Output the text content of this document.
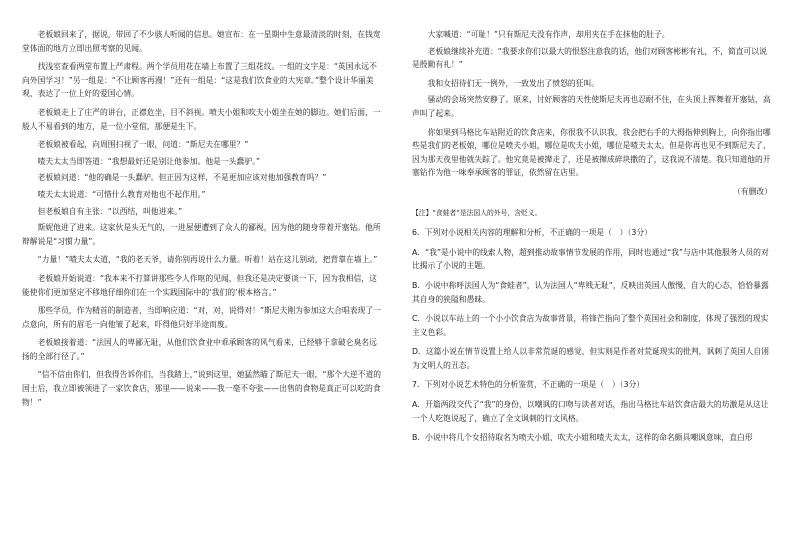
老板娘回来了，据说，带回了不少骇人听闻的信息。她宣布：在一星期中生意最清淡的时刻，在钱宽堂体面的地方立即出照考察的见闻。

找浅室查看两堂布置上严肃程。两个学员用花在墙上布置了三组花纹。一组的文字是：“英国永远不向外国学习！”另一组是：“不让顾客再漫！”还有一组是：“这是我们饮食业的大宪章。”整个设计华丽美观，表达了一位上好的爱国心情。

老板娘走上了庄严的讲台，正襟危坐，目不斜视。喷夫小姐和吹夫小姐坐在她的脚边。她们后面，一般人不易看到的地方，是一位小堂倌，那便是生下。

老板娘被看起，向周围扫视了一眼，问道：“斯尼夫在哪里？”

喳夫太太当即答道：“我想最好还是别让他参加。他是一头蠢驴。”

老板娘问道：“他的确是一头蠢驴。但正因为这样，不是更加应该对他加强教育吗？”

喳夫太太说道：“可惜什么教育对他也不起作用。”

但老板娘自有主张：“以西结，叫他进来。”

斯妮他进了进来。这家伙是头无气的，一进屋便遭到了众人的鄙视，因为他的随身带着开塞钻。他所辩解说是“习惯力量”。

“力量！”喳夫太太道，“我的老天爷，请你别再说什么力量。听着！站在这儿别动，把背靠在墙上。”

老板娘开始说道：“我本来不打算讲那些令人作呕的见闻，但我还是决定要谈一下，因为我相信，这能使你们更加坚定不移地仔细你们在一个实践国际中的‘我们的’根本格言。”

那些学员，作为精首的制造者，当即响应道：“对，对，说得对！”斯尼夫刚为参加这大合唱表现了一点意向，所有的眉毛一向他皱了起来，吓得他只好半途而废。

老板娘接着道：“法国人的卑鄙无耻，从他们饮食业中乖承顾客的风气看来，已经够于拿破仑臭名远扬的全部行径了。”

“信不信由你们，但我得告诉你们，当我踏上，”说到这里，她猛然瞄了斯尼夫一眼，“那个大逆不道的国土后，我立即被领进了一家饮食店，那里——说来——我一毫不夸张——出售的食物是真正可以吃的食物！”

大家喊道：“可耻！”只有斯尼夫没有作声，却用夹在手在抹他的肚子。

老板娘继续补充道：“我要求你们以最大的恨怒注意我的话，他们对顾客彬彬有礼，不，简直可以说是殷勤有礼！”

我和女招待们无一例外，一致发出了愤怒的狂叫。

骚动的会场突然安静了。原来，讨好顾客的天性使斯尼夫再也忍耐不住，在头顶上挥舞着开塞钻，高声叫了起来。

你如果到马格比车站附近的饮食店来，你很我不认识我，我会把右手的大拇指伸到胸上，向你指出哪些是我们的老板娘，哪位是喷夫小姐，哪位是吹夫小姐，哪位是喳夫太太。但是你再也见不到斯尼夫了，因为那天夜里他就失踪了。他究竟是被撵走了，还是被撵成碎块撒的了，这我说不清楚。我只知道他的开塞钻作为他一味奉承顾客的罪证，依然留在店里。

（有删改）
【注】“食蛙者”是法国人的外号，含贬义。
6．下列对小说相关内容的理解和分析，不正确的一项是（　）（3分）
A．“我”是小说中的线索人物，超到推动故事情节发展的作用，同时也通过“我”与店中其他服务人员的对比揭示了小说的主题。
B．小说中称呼法国人为“食蛙者”，认为法国人“卑贱无耻”，反映出英国人傲慢、自大的心态，恰恰暴露其自身的狭隘和愚昧。
C．小说以车站上的一个小小饮食店为故事背景，将锋芒指向了整个英国社会和制度，体现了强烈的现实主义色彩。
D．这篇小说在情节设置上给人以非常荒诞的感觉，但实则是作者对荒诞现实的批判，讽刺了英国人自诩为文明人的丑态。
7．下列对小说艺术特色的分析鉴赏，不正确的一项是（　）（3分）
A．开篇两段交代了“我”的身份，以嘲讽的口吻与读者对话，指出马格比车站饮食店最大的坊激是从这让一个人吃饱说起了，确立了全文讽刺的行文风格。
B．小说中将几个女招待取名为喷夫小姐、吹夫小姐和喳夫太太，这样的命名颇具嘲讽意味，直白形
